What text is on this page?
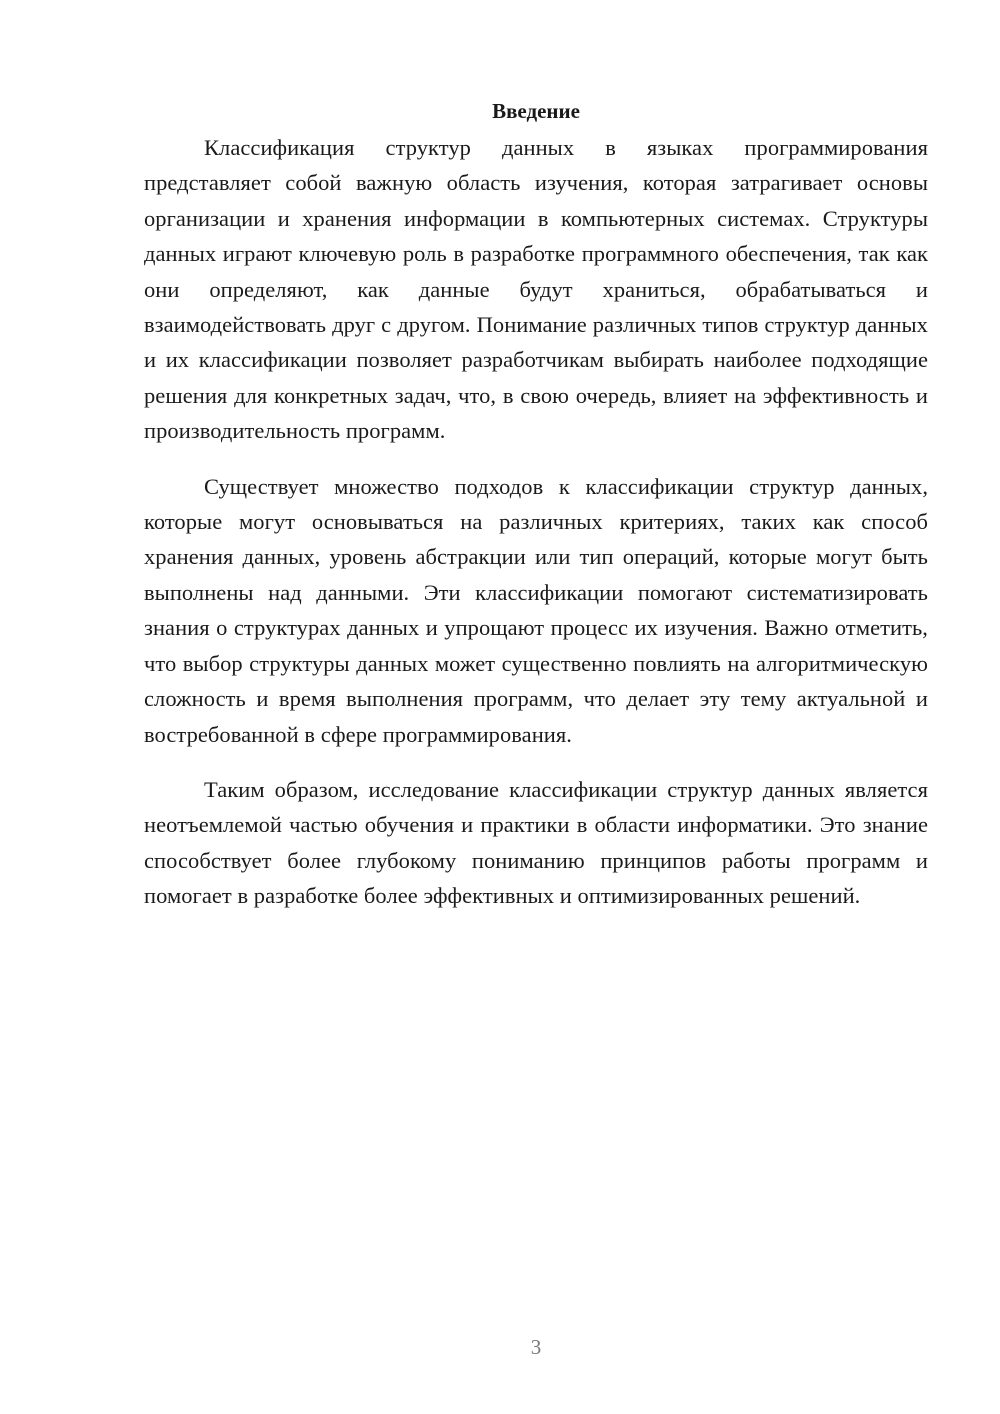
Введение

Классификация структур данных в языках программирования представляет собой важную область изучения, которая затрагивает основы организации и хранения информации в компьютерных системах. Структуры данных играют ключевую роль в разработке программного обеспечения, так как они определяют, как данные будут храниться, обрабатываться и взаимодействовать друг с другом. Понимание различных типов структур данных и их классификации позволяет разработчикам выбирать наиболее подходящие решения для конкретных задач, что, в свою очередь, влияет на эффективность и производительность программ.

Существует множество подходов к классификации структур данных, которые могут основываться на различных критериях, таких как способ хранения данных, уровень абстракции или тип операций, которые могут быть выполнены над данными. Эти классификации помогают систематизировать знания о структурах данных и упрощают процесс их изучения. Важно отметить, что выбор структуры данных может существенно повлиять на алгоритмическую сложность и время выполнения программ, что делает эту тему актуальной и востребованной в сфере программирования.

Таким образом, исследование классификации структур данных является неотъемлемой частью обучения и практики в области информатики. Это знание способствует более глубокому пониманию принципов работы программ и помогает в разработке более эффективных и оптимизированных решений.

3
